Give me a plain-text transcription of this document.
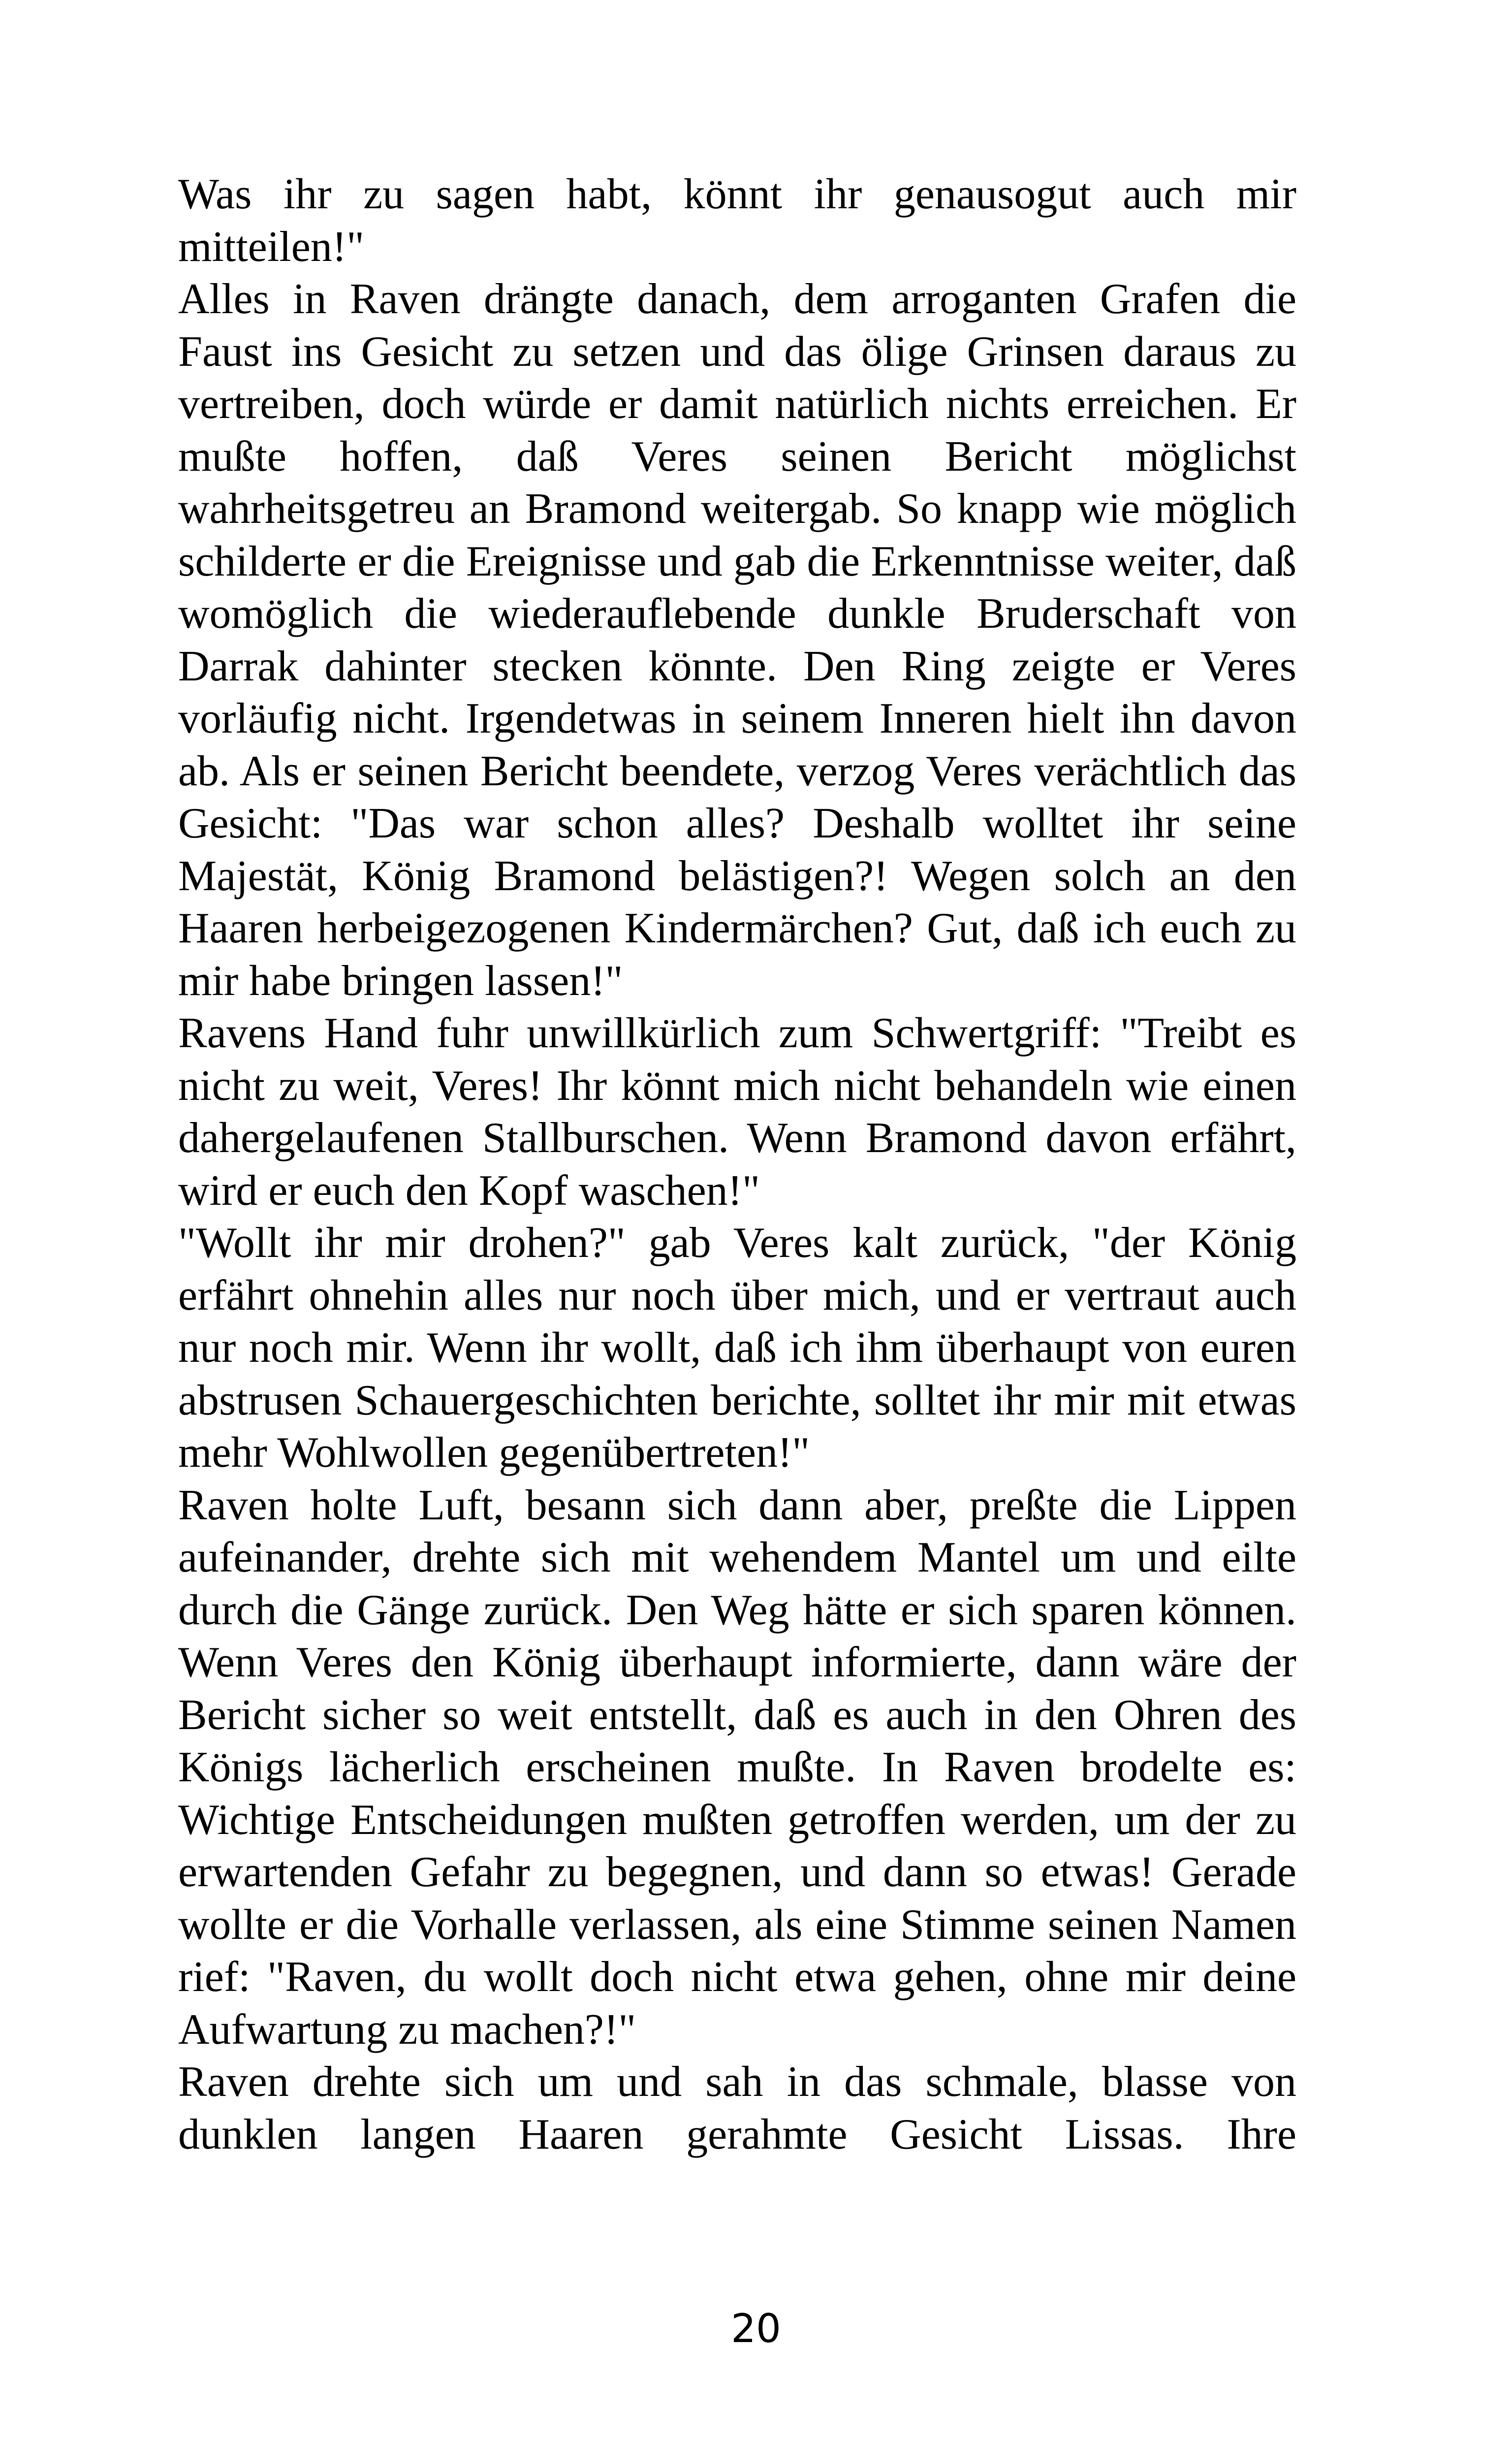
Was ihr zu sagen habt, könnt ihr genausogut auch mir mitteilen!"

Alles in Raven drängte danach, dem arroganten Grafen die Faust ins Gesicht zu setzen und das ölige Grinsen daraus zu vertreiben, doch würde er damit natürlich nichts erreichen. Er mußte hoffen, daß Veres seinen Bericht möglichst wahrheitsgetreu an Bramond weitergab. So knapp wie möglich schilderte er die Ereignisse und gab die Erkenntnisse weiter, daß womöglich die wiederauflebende dunkle Bruderschaft von Darrak dahinter stecken könnte. Den Ring zeigte er Veres vorläufig nicht. Irgendetwas in seinem Inneren hielt ihn davon ab. Als er seinen Bericht beendete, verzog Veres verächtlich das Gesicht: "Das war schon alles? Deshalb wolltet ihr seine Majestät, König Bramond belästigen?! Wegen solch an den Haaren herbeigezogenen Kindermärchen? Gut, daß ich euch zu mir habe bringen lassen!"

Ravens Hand fuhr unwillkürlich zum Schwertgriff: "Treibt es nicht zu weit, Veres! Ihr könnt mich nicht behandeln wie einen dahergelaufenen Stallburschen. Wenn Bramond davon erfährt, wird er euch den Kopf waschen!"

"Wollt ihr mir drohen?" gab Veres kalt zurück, "der König erfährt ohnehin alles nur noch über mich, und er vertraut auch nur noch mir. Wenn ihr wollt, daß ich ihm überhaupt von euren abstrusen Schauergeschichten berichte, solltet ihr mir mit etwas mehr Wohlwollen gegenübertreten!"

Raven holte Luft, besann sich dann aber, preßte die Lippen aufeinander, drehte sich mit wehendem Mantel um und eilte durch die Gänge zurück. Den Weg hätte er sich sparen können. Wenn Veres den König überhaupt informierte, dann wäre der Bericht sicher so weit entstellt, daß es auch in den Ohren des Königs lächerlich erscheinen mußte. In Raven brodelte es: Wichtige Entscheidungen mußten getroffen werden, um der zu erwartenden Gefahr zu begegnen, und dann so etwas! Gerade wollte er die Vorhalle verlassen, als eine Stimme seinen Namen rief: "Raven, du wollt doch nicht etwa gehen, ohne mir deine Aufwartung zu machen?!"

Raven drehte sich um und sah in das schmale, blasse von dunklen langen Haaren gerahmte Gesicht Lissas. Ihre

20
